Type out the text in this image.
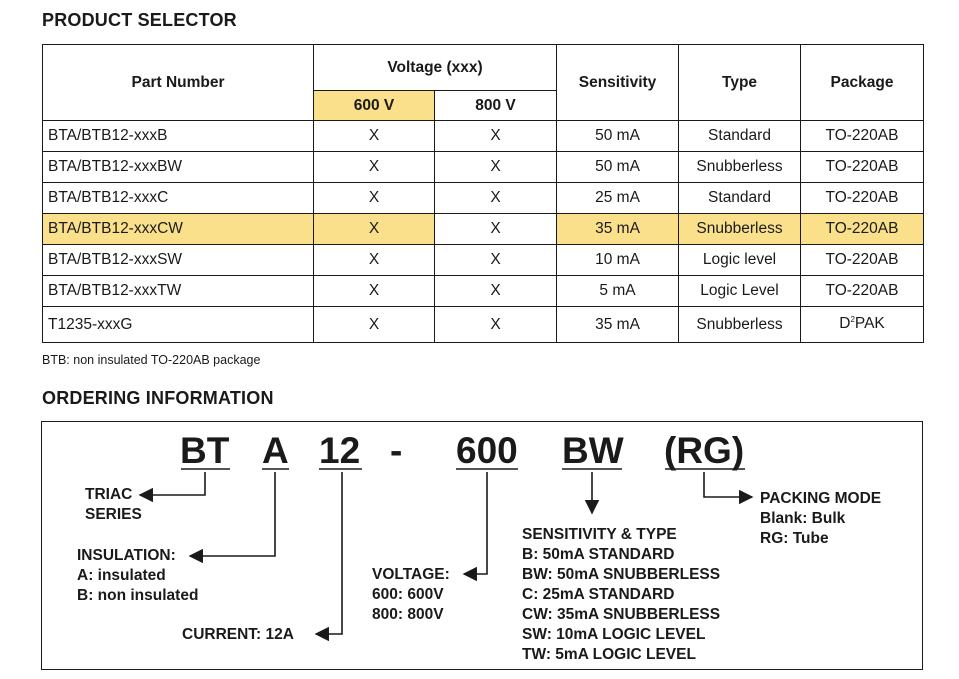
PRODUCT SELECTOR
Part Number	Voltage (xxx)		Sensitivity	Type	Package
	600 V	800 V			
BTA/BTB12-xxxB	X	X	50 mA	Standard	TO-220AB
BTA/BTB12-xxxBW	X	X	50 mA	Snubberless	TO-220AB
BTA/BTB12-xxxC	X	X	25 mA	Standard	TO-220AB
BTA/BTB12-xxxCW	X	X	35 mA	Snubberless	TO-220AB
BTA/BTB12-xxxSW	X	X	10 mA	Logic level	TO-220AB
BTA/BTB12-xxxTW	X	X	5 mA	Logic Level	TO-220AB
T1235-xxxG	X	X	35 mA	Snubberless	$D^2PAK$
BTB: non insulated TO-220AB package
ORDERING INFORMATION
BT A 12 - 600 BW (RG)
TRIAC
SERIES
INSULATION:
A: insulated
B: non insulated
CURRENT: 12A
VOLTAGE:
600: 600V
800: 800V
SENSITIVITY & TYPE
B: 50mA STANDARD
BW: 50mA SNUBBERLESS
C: 25mA STANDARD
CW: 35mA SNUBBERLESS
SW: 10mA LOGIC LEVEL
TW: 5mA LOGIC LEVEL
PACKING MODE
Blank: Bulk
RG: Tube
